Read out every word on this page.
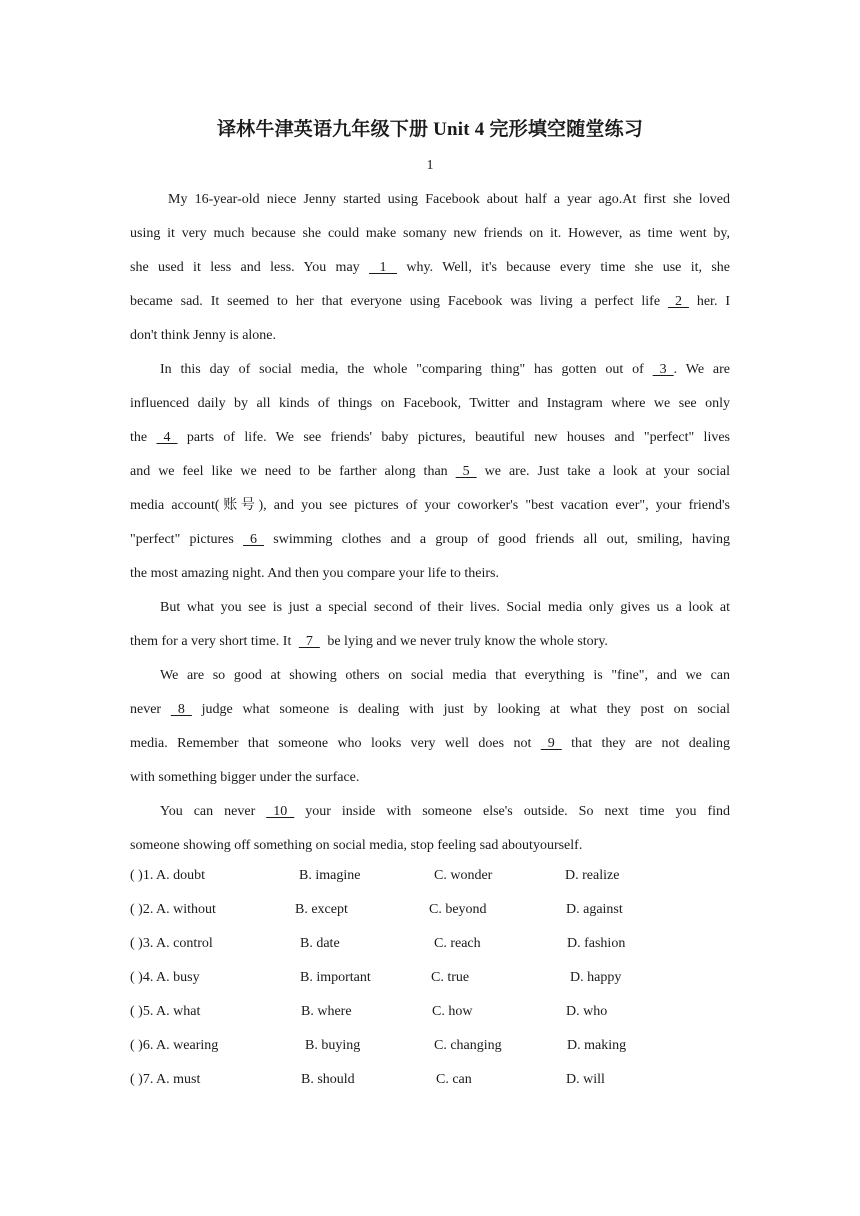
译林牛津英语九年级下册 Unit 4 完形填空随堂练习
1
My 16-year-old niece Jenny started using Facebook about half a year ago.At first she loved
using it very much because she could make somany new friends on it. However, as time went by,
she used it less and less. You may    1    why. Well, it's because every time she use it, she
became sad. It seemed to her that everyone using Facebook was living a perfect life   2   her. I
don't think Jenny is alone.
In this day of social media, the whole "comparing thing" has gotten out of   3  . We are
influenced daily by all kinds of things on Facebook, Twitter and Instagram where we see only
the   4   parts of life. We see friends' baby pictures, beautiful new houses and "perfect" lives
and we feel like we need to be farther along than   5   we are. Just take a look at your social
media account(账号), and you see pictures of your coworker's "best vacation ever", your friend's
"perfect" pictures   6   swimming clothes and a group of good friends all out, smiling, having
the most amazing night. And then you compare your life to theirs.
But what you see is just a special second of their lives. Social media only gives us a look at
them for a very short time. It   7   be lying and we never truly know the whole story.
We are so good at showing others on social media that everything is "fine", and we can
never   8   judge what someone is dealing with just by looking at what they post on social
media. Remember that someone who looks very well does not   9   that they are not dealing
with something bigger under the surface.
You can never   10   your inside with someone else's outside. So next time you find
someone showing off something on social media, stop feeling sad aboutyourself.
( )1. A. doubt	B. imagine	C. wonder	D. realize
( )2. A. without	B. except	C. beyond	D. against
( )3. A. control	B. date	C. reach	D. fashion
( )4. A. busy	B. important	C. true	D. happy
( )5. A. what	B. where	C. how	D. who
( )6. A. wearing	B. buying	C. changing	D. making
( )7. A. must	B. should	C. can	D. will
